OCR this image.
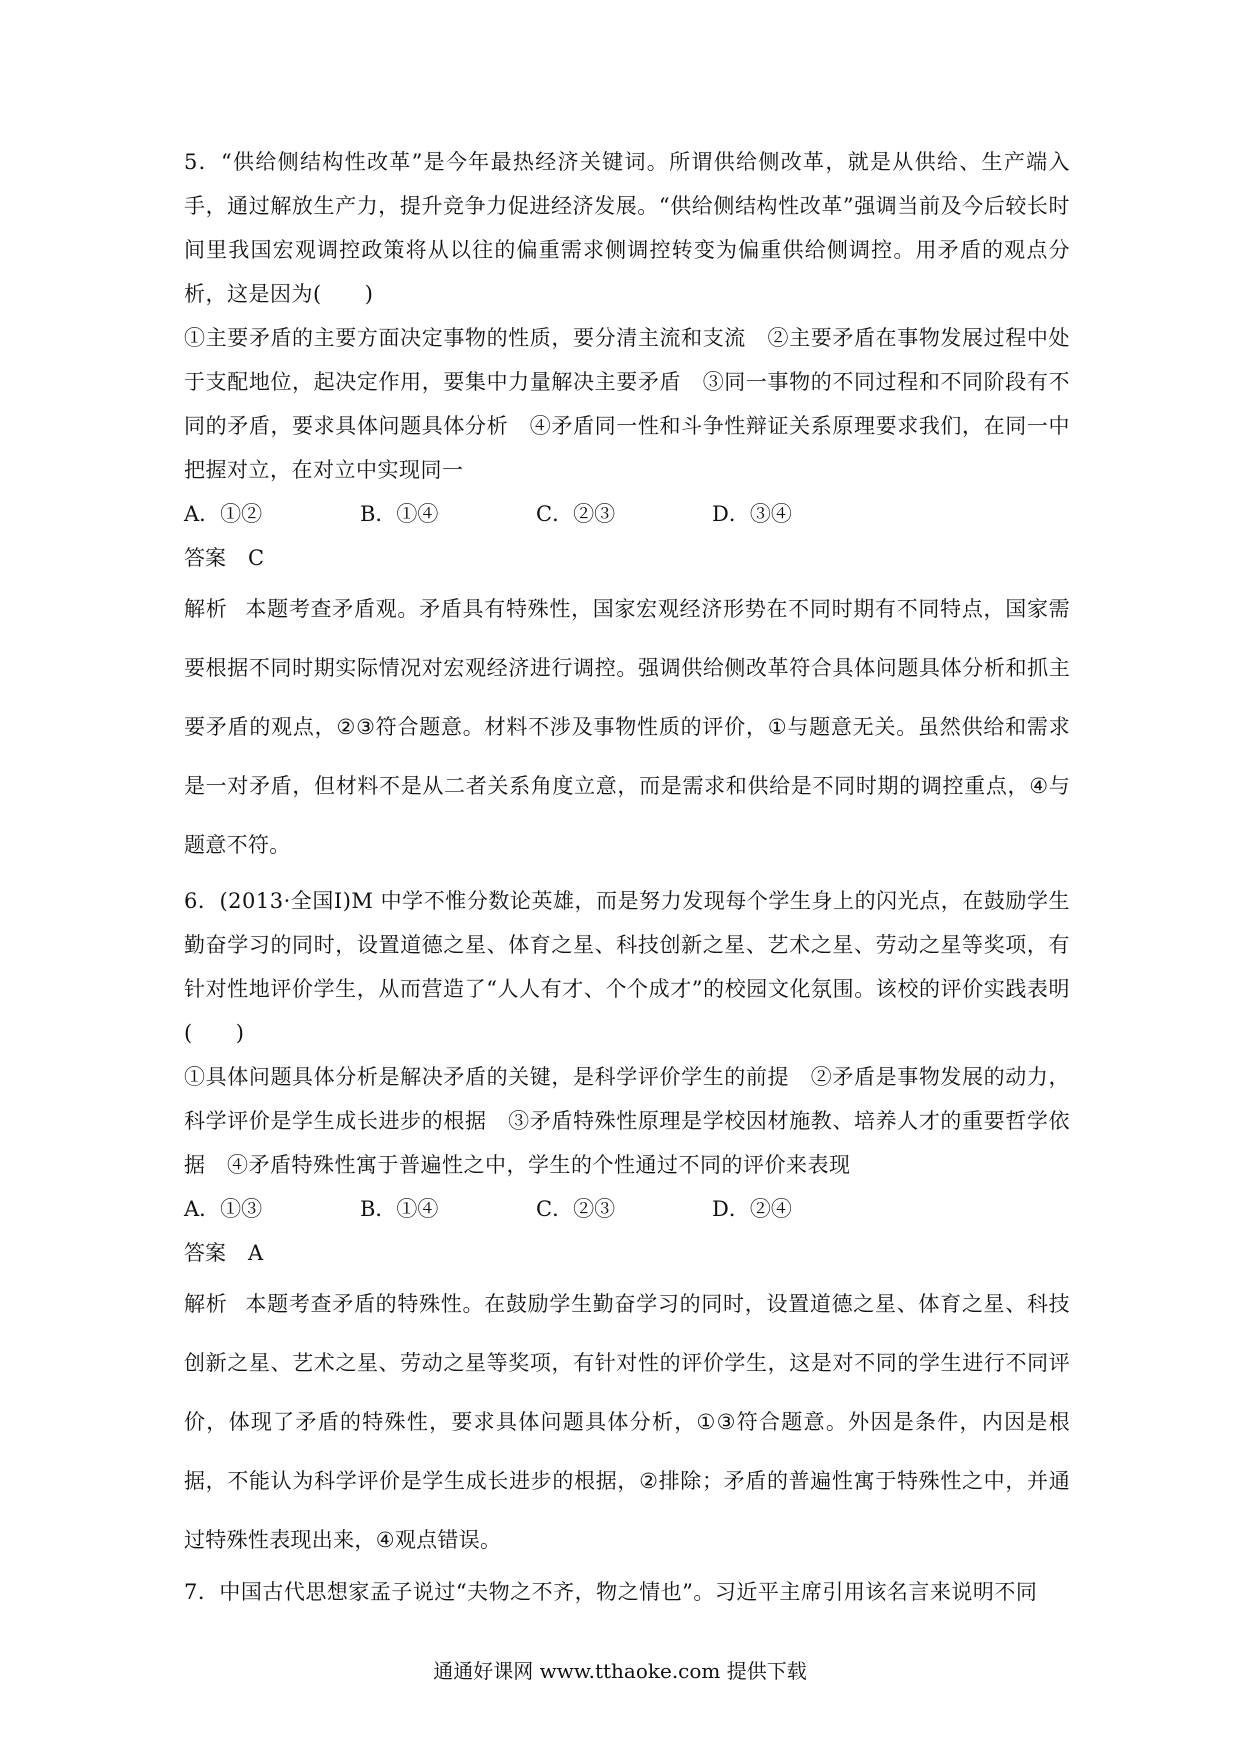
5．“供给侧结构性改革”是今年最热经济关键词。所谓供给侧改革，就是从供给、生产端入手，通过解放生产力，提升竞争力促进经济发展。“供给侧结构性改革”强调当前及今后较长时间里我国宏观调控政策将从以往的偏重需求侧调控转变为偏重供给侧调控。用矛盾的观点分析，这是因为(　　)

①主要矛盾的主要方面决定事物的性质，要分清主流和支流　②主要矛盾在事物发展过程中处于支配地位，起决定作用，要集中力量解决主要矛盾　③同一事物的不同过程和不同阶段有不同的矛盾，要求具体问题具体分析　④矛盾同一性和斗争性辩证关系原理要求我们，在同一中把握对立，在对立中实现同一

A．①②	B．①④	C．②③	D．③④

答案 C

解析 本题考查矛盾观。矛盾具有特殊性，国家宏观经济形势在不同时期有不同特点，国家需要根据不同时期实际情况对宏观经济进行调控。强调供给侧改革符合具体问题具体分析和抓主要矛盾的观点，②③符合题意。材料不涉及事物性质的评价，①与题意无关。虽然供给和需求是一对矛盾，但材料不是从二者关系角度立意，而是需求和供给是不同时期的调控重点，④与题意不符。

6．(2013·全国Ⅰ)M 中学不惟分数论英雄，而是努力发现每个学生身上的闪光点，在鼓励学生勤奋学习的同时，设置道德之星、体育之星、科技创新之星、艺术之星、劳动之星等奖项，有针对性地评价学生，从而营造了“人人有才、个个成才”的校园文化氛围。该校的评价实践表明(　　)

①具体问题具体分析是解决矛盾的关键，是科学评价学生的前提　②矛盾是事物发展的动力，科学评价是学生成长进步的根据　③矛盾特殊性原理是学校因材施教、培养人才的重要哲学依据　④矛盾特殊性寓于普遍性之中，学生的个性通过不同的评价来表现

A．①③	B．①④	C．②③	D．②④

答案 A

解析 本题考查矛盾的特殊性。在鼓励学生勤奋学习的同时，设置道德之星、体育之星、科技创新之星、艺术之星、劳动之星等奖项，有针对性的评价学生，这是对不同的学生进行不同评价，体现了矛盾的特殊性，要求具体问题具体分析，①③符合题意。外因是条件，内因是根据，不能认为科学评价是学生成长进步的根据，②排除；矛盾的普遍性寓于特殊性之中，并通过特殊性表现出来，④观点错误。

7．中国古代思想家孟子说过“夫物之不齐，物之情也”。习近平主席引用该名言来说明不同

通通好课网 www.tthaoke.com 提供下载
